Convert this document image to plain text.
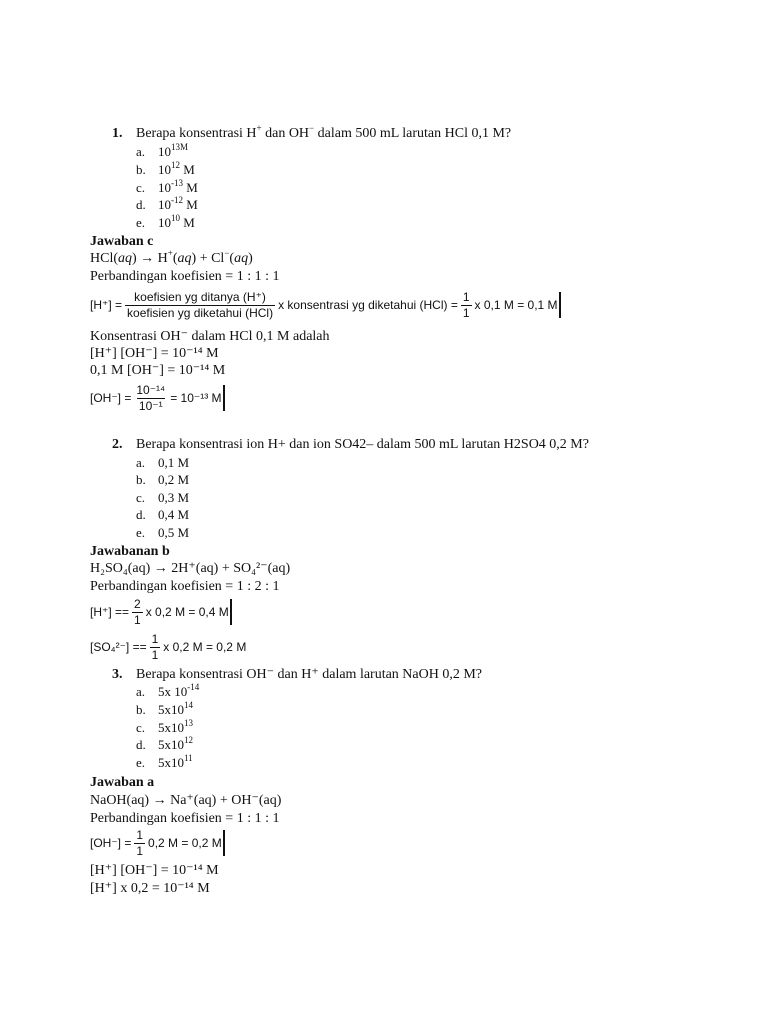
1. Berapa konsentrasi H+ dan OH− dalam 500 mL larutan HCl 0,1 M?
a. $10^{13M}$
b. $10^{12}$ M
c. $10^{-13}$ M
d. $10^{-12}$ M
e. $10^{10}$ M
Jawaban c
HCl(aq) → H+(aq) + Cl−(aq)
Perbandingan koefisien = 1 : 1 : 1
$[H^+] = \frac{\text{koefisien yg ditanya (H⁺)}}{\text{koefisien yg diketahui (HCl)}}$ x konsentrasi yg diketahui $(HCl) = \frac{1}{1}$ x 0,1 M = 0,1 M
Konsentrasi OH⁻ dalam HCl 0,1 M adalah
[H⁺] [OH⁻] = 10⁻¹⁴ M
0,1 M [OH⁻] = 10⁻¹⁴ M
$[OH^-] = \frac{\text{10⁻¹⁴}}{\text{10⁻¹}} = 10^{-13}$ M
2. Berapa konsentrasi ion H+ dan ion SO42– dalam 500 mL larutan H2SO4 0,2 M?
a. 0,1 M
b. 0,2 M
c. 0,3 M
d. 0,4 M
e. 0,5 M
Jawabanan b
H₂SO₄(aq) → 2H⁺(aq) + SO₄²⁻(aq)
Perbandingan koefisien = 1 : 2 : 1
$[H^+] == \frac{2}{1}$ x 0,2 M = 0,4 M
$[SO_4^{2-}] == \frac{1}{1}$ x 0,2 M = 0,2 M
3. Berapa konsentrasi OH⁻ dan H⁺ dalam larutan NaOH 0,2 M?
a. 5x $10^{-14}$
b. $5x10^{14}$
c. $5x10^{13}$
d. $5x10^{12}$
e. $5x10^{11}$
Jawaban a
NaOH(aq) → Na⁺(aq) + OH⁻(aq)
Perbandingan koefisien = 1 : 1 : 1
$[OH^-] = \frac{1}{1} 0,2$ M = 0,2 M
[H⁺] [OH⁻] = 10⁻¹⁴ M
[H⁺] x 0,2 = 10⁻¹⁴ M
